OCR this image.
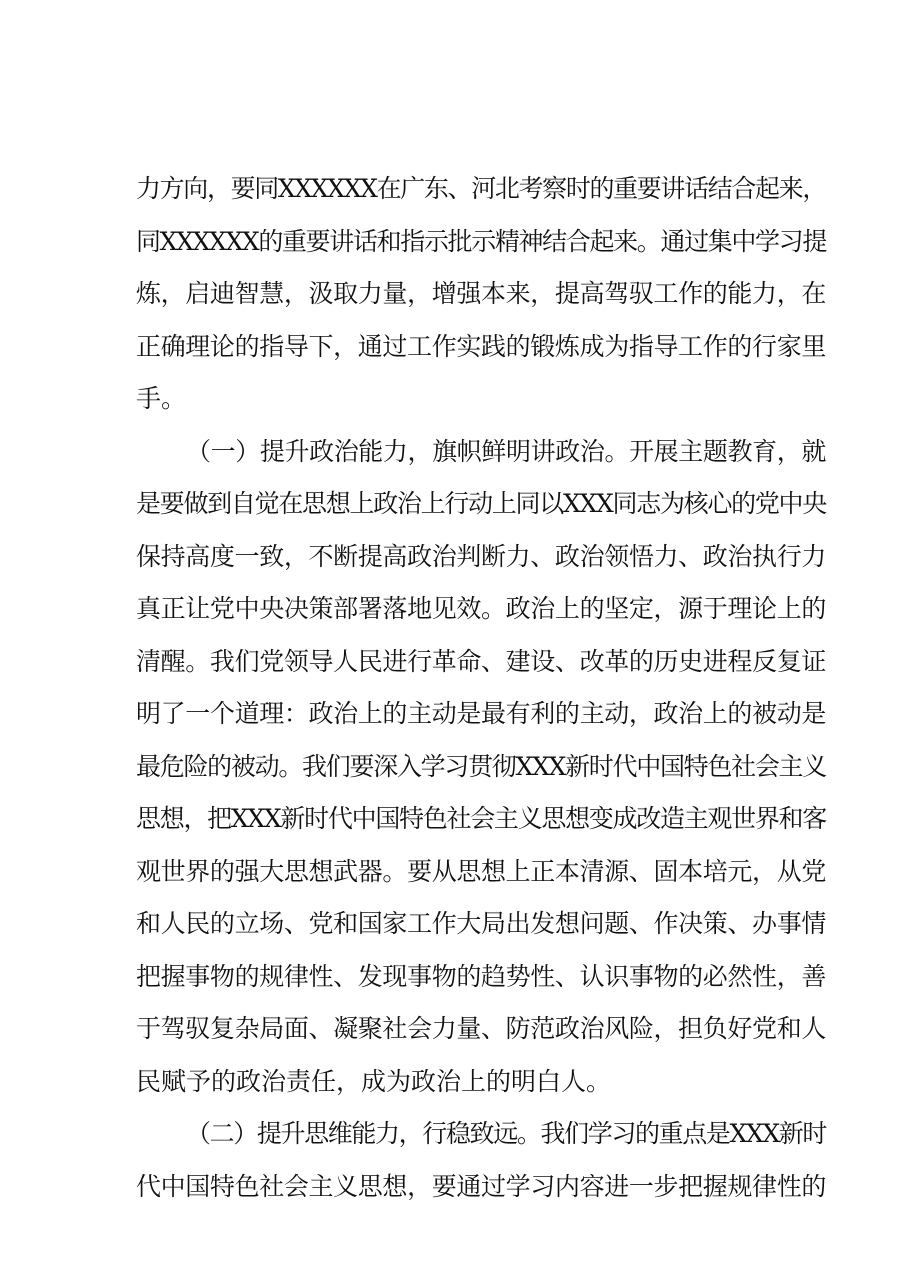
力方向，要同XXXXXX在广东、河北考察时的重要讲话结合起来，
同XXXXXX的重要讲话和指示批示精神结合起来。通过集中学习提
炼，启迪智慧，汲取力量，增强本来，提高驾驭工作的能力，在
正确理论的指导下，通过工作实践的锻炼成为指导工作的行家里
手。
（一）提升政治能力，旗帜鲜明讲政治。开展主题教育，就
是要做到自觉在思想上政治上行动上同以XXX同志为核心的党中央
保持高度一致，不断提高政治判断力、政治领悟力、政治执行力
真正让党中央决策部署落地见效。政治上的坚定，源于理论上的
清醒。我们党领导人民进行革命、建设、改革的历史进程反复证
明了一个道理：政治上的主动是最有利的主动，政治上的被动是
最危险的被动。我们要深入学习贯彻XXX新时代中国特色社会主义
思想，把XXX新时代中国特色社会主义思想变成改造主观世界和客
观世界的强大思想武器。要从思想上正本清源、固本培元，从党
和人民的立场、党和国家工作大局出发想问题、作决策、办事情
把握事物的规律性、发现事物的趋势性、认识事物的必然性，善
于驾驭复杂局面、凝聚社会力量、防范政治风险，担负好党和人
民赋予的政治责任，成为政治上的明白人。
（二）提升思维能力，行稳致远。我们学习的重点是XXX新时
代中国特色社会主义思想，要通过学习内容进一步把握规律性的
